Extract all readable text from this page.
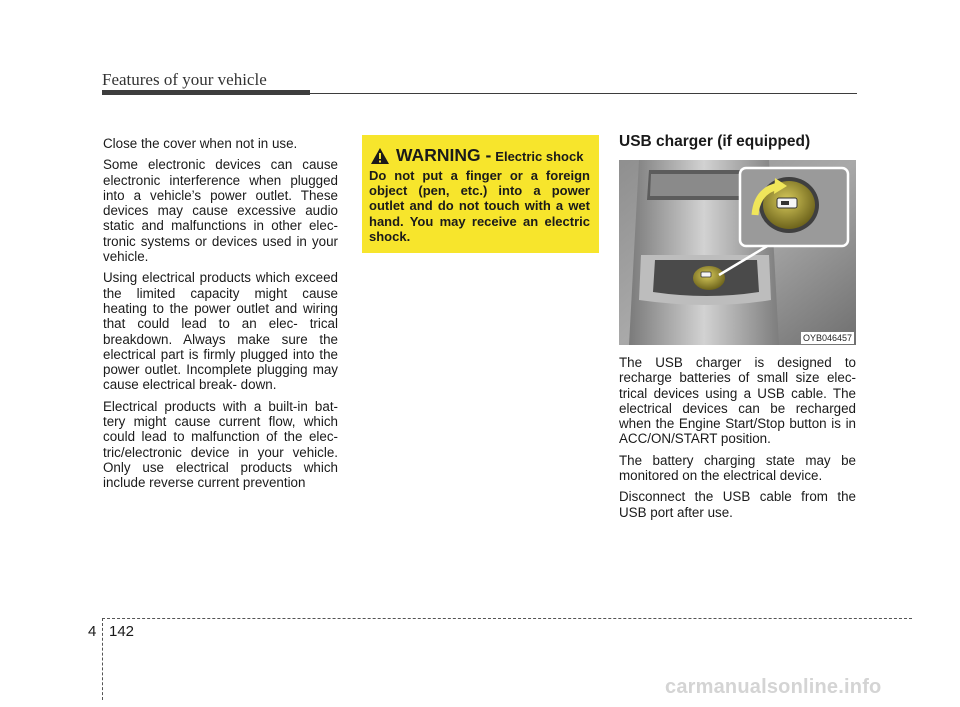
Features of your vehicle

Close the cover when not in use.

Some electronic devices can cause electronic interference when plugged into a vehicle’s power outlet. These devices may cause excessive audio static and malfunctions in other elec- tronic systems or devices used in your vehicle.

Using electrical products which exceed the limited capacity might cause heating to the power outlet and wiring that could lead to an elec- trical breakdown. Always make sure the electrical part is firmly plugged into the power outlet. Incomplete plugging may cause electrical break- down.

Electrical products with a built-in bat- tery might cause current flow, which could lead to malfunction of the elec- tric/electronic device in your vehicle. Only use electrical products which include reverse current prevention

WARNING - Electric shock
Do not put a finger or a foreign object (pen, etc.) into a power outlet and do not touch with a wet hand. You may receive an electric shock.
USB charger (if equipped)
OYB046457

The USB charger is designed to recharge batteries of small size elec- trical devices using a USB cable. The electrical devices can be recharged when the Engine Start/Stop button is in ACC/ON/START position.

The battery charging state may be monitored on the electrical device.

Disconnect the USB cable from the USB port after use.

4 142
carmanualsonline.info
